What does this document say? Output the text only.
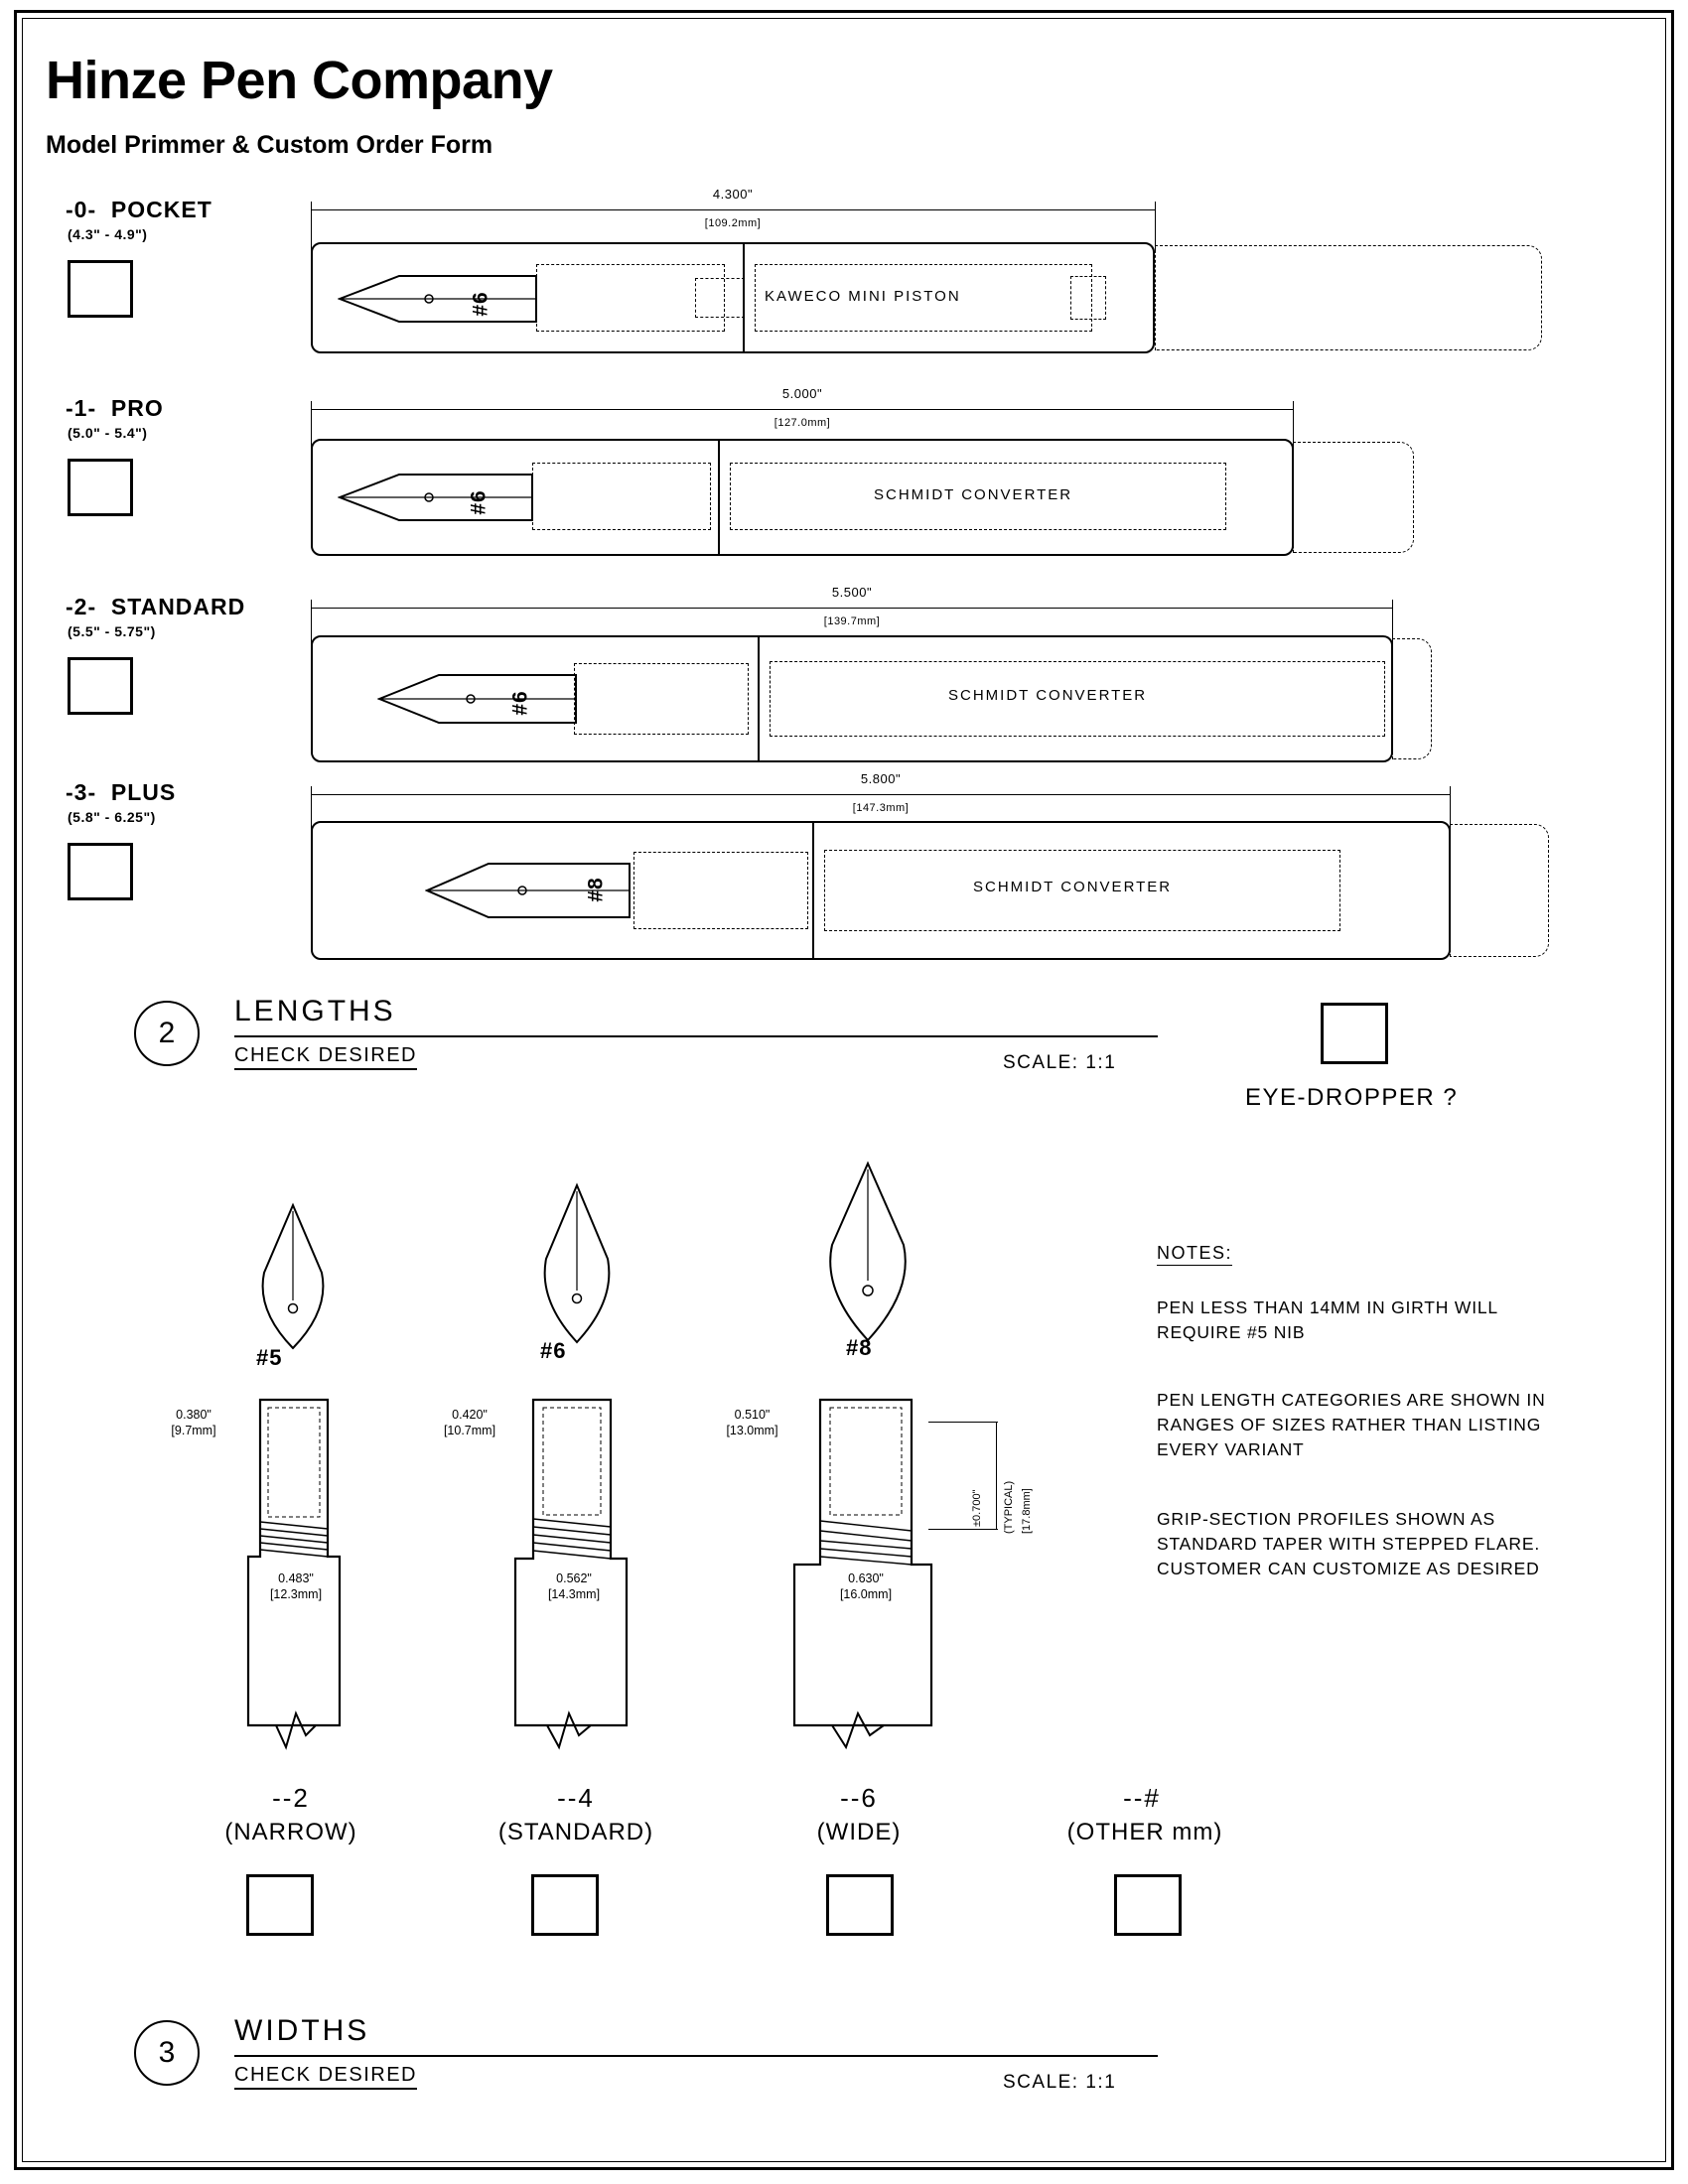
Hinze Pen Company
Model Primmer & Custom Order Form
-0- POCKET
(4.3" - 4.9")
4.300"
[109.2mm]
#6	KAWECO MINI PISTON
-1- PRO
(5.0" - 5.4")
5.000"
[127.0mm]
#6	SCHMIDT CONVERTER
-2- STANDARD
(5.5" - 5.75")
5.500"
[139.7mm]
#6	SCHMIDT CONVERTER
-3- PLUS
(5.8" - 6.25")
5.800"
[147.3mm]
#8	SCHMIDT CONVERTER
2
LENGTHS
CHECK DESIRED	SCALE: 1:1
EYE-DROPPER ?
#5
0.380"
[9.7mm]
0.483"
[12.3mm]
--2
(NARROW)
#6
0.420"
[10.7mm]
0.562"
[14.3mm]
--4
(STANDARD)
#8
0.510"
[13.0mm]
0.630"
[16.0mm]
±0.700" (TYPICAL) [17.8mm]
--6
(WIDE)
--#
(OTHER mm)
NOTES:
PEN LESS THAN 14MM IN GIRTH WILL REQUIRE #5 NIB
PEN LENGTH CATEGORIES ARE SHOWN IN RANGES OF SIZES RATHER THAN LISTING EVERY VARIANT
GRIP-SECTION PROFILES SHOWN AS STANDARD TAPER WITH STEPPED FLARE. CUSTOMER CAN CUSTOMIZE AS DESIRED
3
WIDTHS
CHECK DESIRED	SCALE: 1:1
